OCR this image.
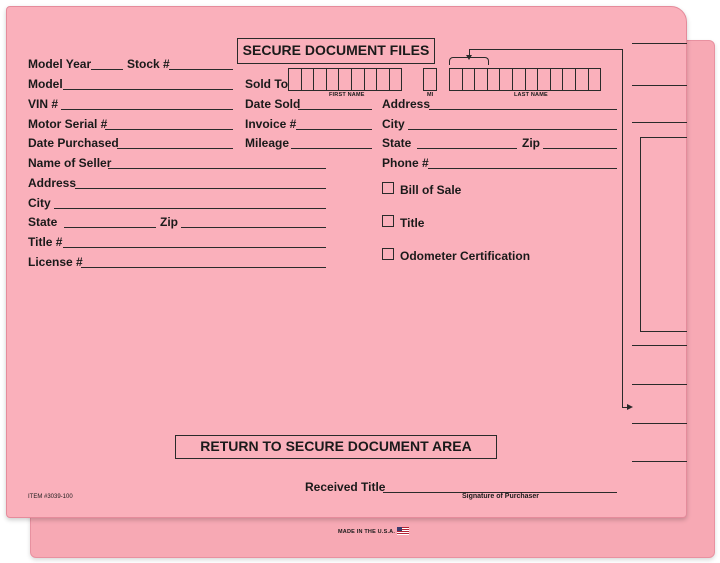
MADE IN THE U.S.A.
SECURE DOCUMENT FILES
Model Year	Stock #
Model
VIN #
Motor Serial #
Date Purchased
Name of Seller
Address
City
State	Zip
Title #
License #
Sold To
FIRST NAME	MI	LAST NAME
Date Sold
Invoice #
Mileage
Address
City
State	Zip
Phone #
Bill of Sale
Title
Odometer Certification
RETURN TO SECURE DOCUMENT AREA
Received Title
Signature of Purchaser
ITEM #3039-100
